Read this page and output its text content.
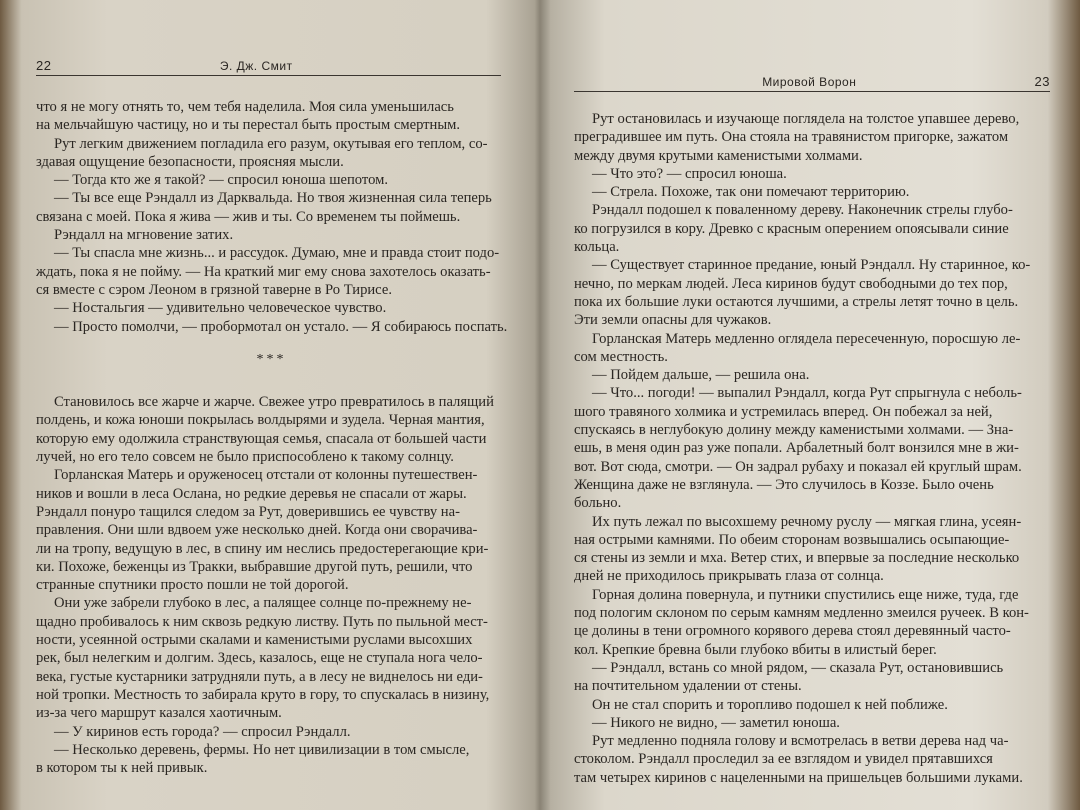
22	Э. Дж. Смит
что я не могу отнять то, чем тебя наделила. Моя сила уменьшилась
на мельчайшую частицу, но и ты перестал быть простым смертным.
Рут легким движением погладила его разум, окутывая его теплом, со-
здавая ощущение безопасности, проясняя мысли.
— Тогда кто же я такой? — спросил юноша шепотом.
— Ты все еще Рэндалл из Дарквальда. Но твоя жизненная сила теперь
связана с моей. Пока я жива — жив и ты. Со временем ты поймешь.
Рэндалл на мгновение затих.
— Ты спасла мне жизнь... и рассудок. Думаю, мне и правда стоит подо-
ждать, пока я не пойму. — На краткий миг ему снова захотелось оказать-
ся вместе с сэром Леоном в грязной таверне в Ро Тирисе.
— Ностальгия — удивительно человеческое чувство.
— Просто помолчи, — пробормотал он устало. — Я собираюсь поспать.
***
Становилось все жарче и жарче. Свежее утро превратилось в палящий
полдень, и кожа юноши покрылась волдырями и зудела. Черная мантия,
которую ему одолжила странствующая семья, спасала от большей части
лучей, но его тело совсем не было приспособлено к такому солнцу.
Горланская Матерь и оруженосец отстали от колонны путешествен-
ников и вошли в леса Ослана, но редкие деревья не спасали от жары.
Рэндалл понуро тащился следом за Рут, доверившись ее чувству на-
правления. Они шли вдвоем уже несколько дней. Когда они сворачива-
ли на тропу, ведущую в лес, в спину им неслись предостерегающие кри-
ки. Похоже, беженцы из Тракки, выбравшие другой путь, решили, что
странные спутники просто пошли не той дорогой.
Они уже забрели глубоко в лес, а палящее солнце по-прежнему не-
щадно пробивалось к ним сквозь редкую листву. Путь по пыльной мест-
ности, усеянной острыми скалами и каменистыми руслами высохших
рек, был нелегким и долгим. Здесь, казалось, еще не ступала нога чело-
века, густые кустарники затрудняли путь, а в лесу не виднелось ни еди-
ной тропки. Местность то забирала круто в гору, то спускалась в низину,
из-за чего маршрут казался хаотичным.
— У киринов есть города? — спросил Рэндалл.
— Несколько деревень, фермы. Но нет цивилизации в том смысле,
в котором ты к ней привык.
Мировой Ворон	23
Рут остановилась и изучающе поглядела на толстое упавшее дерево,
преградившее им путь. Она стояла на травянистом пригорке, зажатом
между двумя крутыми каменистыми холмами.
— Что это? — спросил юноша.
— Стрела. Похоже, так они помечают территорию.
Рэндалл подошел к поваленному дереву. Наконечник стрелы глубо-
ко погрузился в кору. Древко с красным оперением опоясывали синие
кольца.
— Существует старинное предание, юный Рэндалл. Ну старинное, ко-
нечно, по меркам людей. Леса киринов будут свободными до тех пор,
пока их большие луки остаются лучшими, а стрелы летят точно в цель.
Эти земли опасны для чужаков.
Горланская Матерь медленно оглядела пересеченную, поросшую ле-
сом местность.
— Пойдем дальше, — решила она.
— Что... погоди! — выпалил Рэндалл, когда Рут спрыгнула с неболь-
шого травяного холмика и устремилась вперед. Он побежал за ней,
спускаясь в неглубокую долину между каменистыми холмами. — Зна-
ешь, в меня один раз уже попали. Арбалетный болт вонзился мне в жи-
вот. Вот сюда, смотри. — Он задрал рубаху и показал ей круглый шрам.
Женщина даже не взглянула. — Это случилось в Коззе. Было очень
больно.
Их путь лежал по высохшему речному руслу — мягкая глина, усеян-
ная острыми камнями. По обеим сторонам возвышались осыпающие-
ся стены из земли и мха. Ветер стих, и впервые за последние несколько
дней не приходилось прикрывать глаза от солнца.
Горная долина повернула, и путники спустились еще ниже, туда, где
под пологим склоном по серым камням медленно змеился ручеек. В кон-
це долины в тени огромного корявого дерева стоял деревянный часто-
кол. Крепкие бревна были глубоко вбиты в илистый берег.
— Рэндалл, встань со мной рядом, — сказала Рут, остановившись
на почтительном удалении от стены.
Он не стал спорить и торопливо подошел к ней поближе.
— Никого не видно, — заметил юноша.
Рут медленно подняла голову и всмотрелась в ветви дерева над ча-
стоколом. Рэндалл проследил за ее взглядом и увидел прятавшихся
там четырех киринов с нацеленными на пришельцев большими луками.
